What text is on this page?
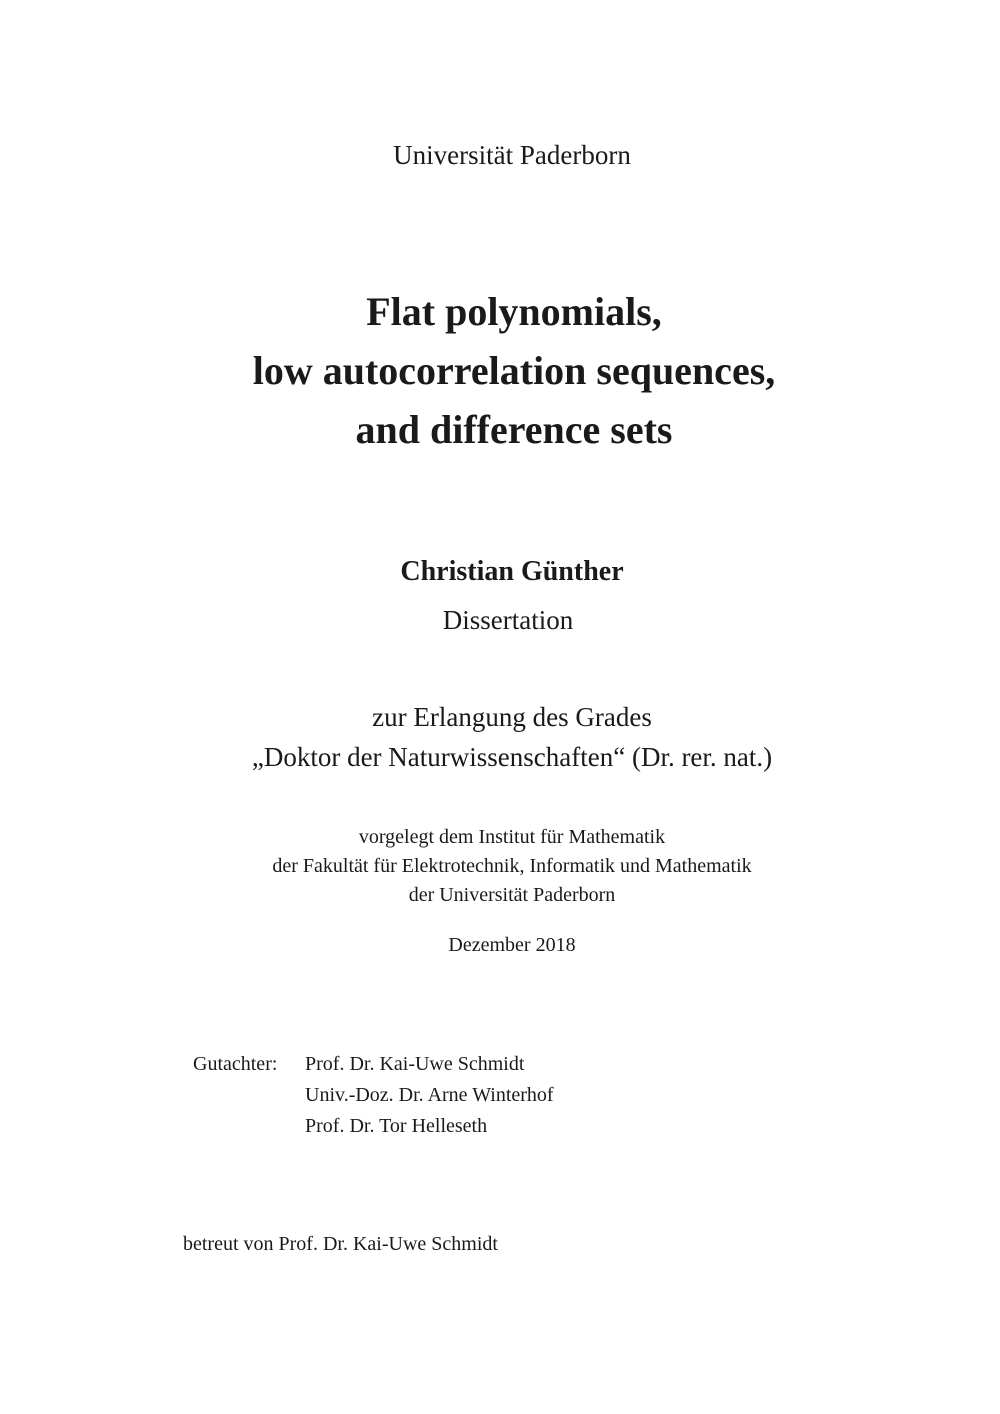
Universität Paderborn
Flat polynomials,
low autocorrelation sequences,
and difference sets
Christian Günther
Dissertation
zur Erlangung des Grades
„Doktor der Naturwissenschaften“ (Dr. rer. nat.)
vorgelegt dem Institut für Mathematik
der Fakultät für Elektrotechnik, Informatik und Mathematik
der Universität Paderborn
Dezember 2018
Gutachter: Prof. Dr. Kai-Uwe Schmidt
Univ.-Doz. Dr. Arne Winterhof
Prof. Dr. Tor Helleseth
betreut von Prof. Dr. Kai-Uwe Schmidt
